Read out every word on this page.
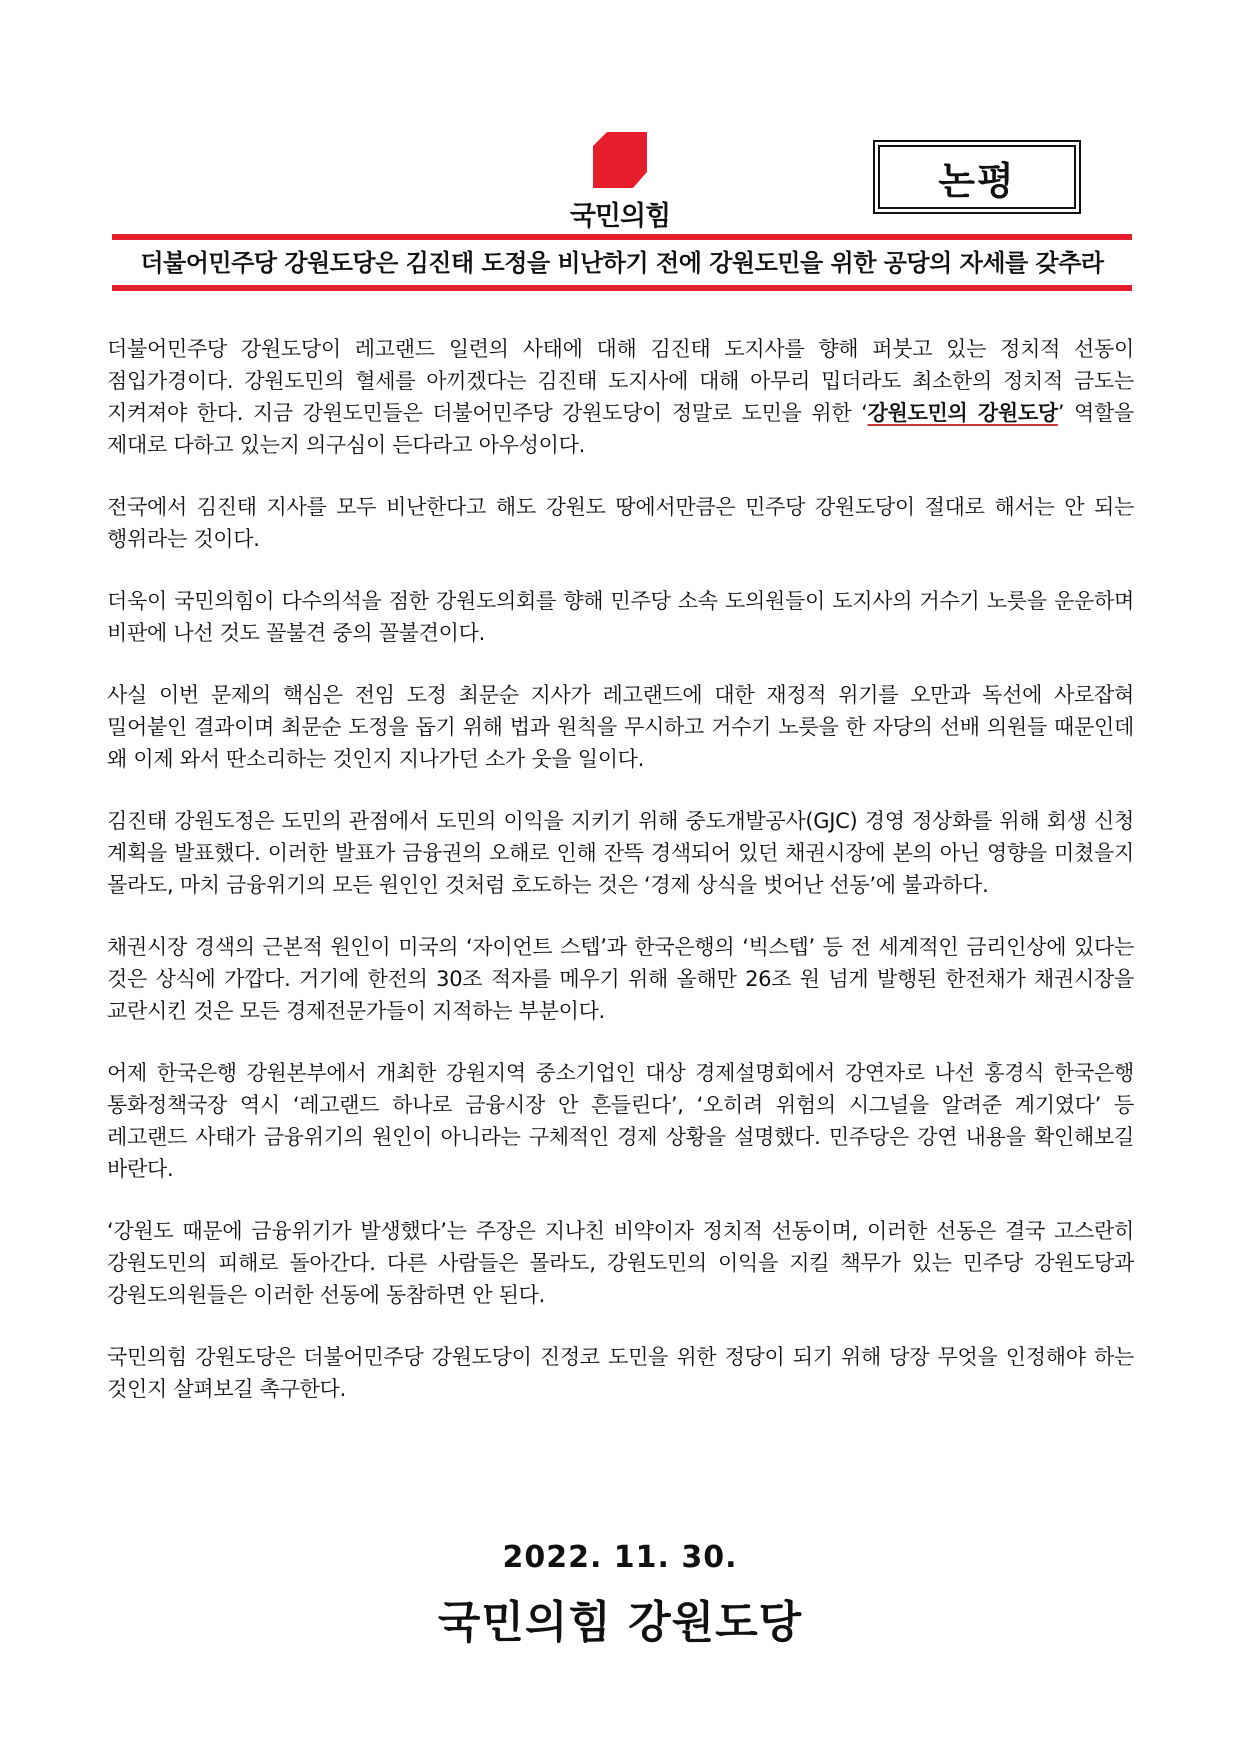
국민의힘
논평
더불어민주당 강원도당은 김진태 도정을 비난하기 전에 강원도민을 위한 공당의 자세를 갖추라

더불어민주당 강원도당이 레고랜드 일련의 사태에 대해 김진태 도지사를 향해 퍼붓고 있는 정치적 선동이 점입가경이다. 강원도민의 혈세를 아끼겠다는 김진태 도지사에 대해 아무리 밉더라도 최소한의 정치적 금도는 지켜져야 한다. 지금 강원도민들은 더불어민주당 강원도당이 정말로 도민을 위한 ‘강원도민의 강원도당’ 역할을 제대로 다하고 있는지 의구심이 든다라고 아우성이다.

전국에서 김진태 지사를 모두 비난한다고 해도 강원도 땅에서만큼은 민주당 강원도당이 절대로 해서는 안 되는 행위라는 것이다.

더욱이 국민의힘이 다수의석을 점한 강원도의회를 향해 민주당 소속 도의원들이 도지사의 거수기 노릇을 운운하며 비판에 나선 것도 꼴불견 중의 꼴불견이다.

사실 이번 문제의 핵심은 전임 도정 최문순 지사가 레고랜드에 대한 재정적 위기를 오만과 독선에 사로잡혀 밀어붙인 결과이며 최문순 도정을 돕기 위해 법과 원칙을 무시하고 거수기 노릇을 한 자당의 선배 의원들 때문인데 왜 이제 와서 딴소리하는 것인지 지나가던 소가 웃을 일이다.

김진태 강원도정은 도민의 관점에서 도민의 이익을 지키기 위해 중도개발공사(GJC) 경영 정상화를 위해 회생 신청 계획을 발표했다. 이러한 발표가 금융권의 오해로 인해 잔뜩 경색되어 있던 채권시장에 본의 아닌 영향을 미쳤을지 몰라도, 마치 금융위기의 모든 원인인 것처럼 호도하는 것은 ‘경제 상식을 벗어난 선동’에 불과하다.

채권시장 경색의 근본적 원인이 미국의 ‘자이언트 스텝’과 한국은행의 ‘빅스텝’ 등 전 세계적인 금리인상에 있다는 것은 상식에 가깝다. 거기에 한전의 30조 적자를 메우기 위해 올해만 26조 원 넘게 발행된 한전채가 채권시장을 교란시킨 것은 모든 경제전문가들이 지적하는 부분이다.

어제 한국은행 강원본부에서 개최한 강원지역 중소기업인 대상 경제설명회에서 강연자로 나선 홍경식 한국은행 통화정책국장 역시 ‘레고랜드 하나로 금융시장 안 흔들린다’, ‘오히려 위험의 시그널을 알려준 계기였다’ 등 레고랜드 사태가 금융위기의 원인이 아니라는 구체적인 경제 상황을 설명했다. 민주당은 강연 내용을 확인해보길 바란다.

‘강원도 때문에 금융위기가 발생했다’는 주장은 지나친 비약이자 정치적 선동이며, 이러한 선동은 결국 고스란히 강원도민의 피해로 돌아간다. 다른 사람들은 몰라도, 강원도민의 이익을 지킬 책무가 있는 민주당 강원도당과 강원도의원들은 이러한 선동에 동참하면 안 된다.

국민의힘 강원도당은 더불어민주당 강원도당이 진정코 도민을 위한 정당이 되기 위해 당장 무엇을 인정해야 하는 것인지 살펴보길 촉구한다.

2022. 11. 30.
국민의힘 강원도당
